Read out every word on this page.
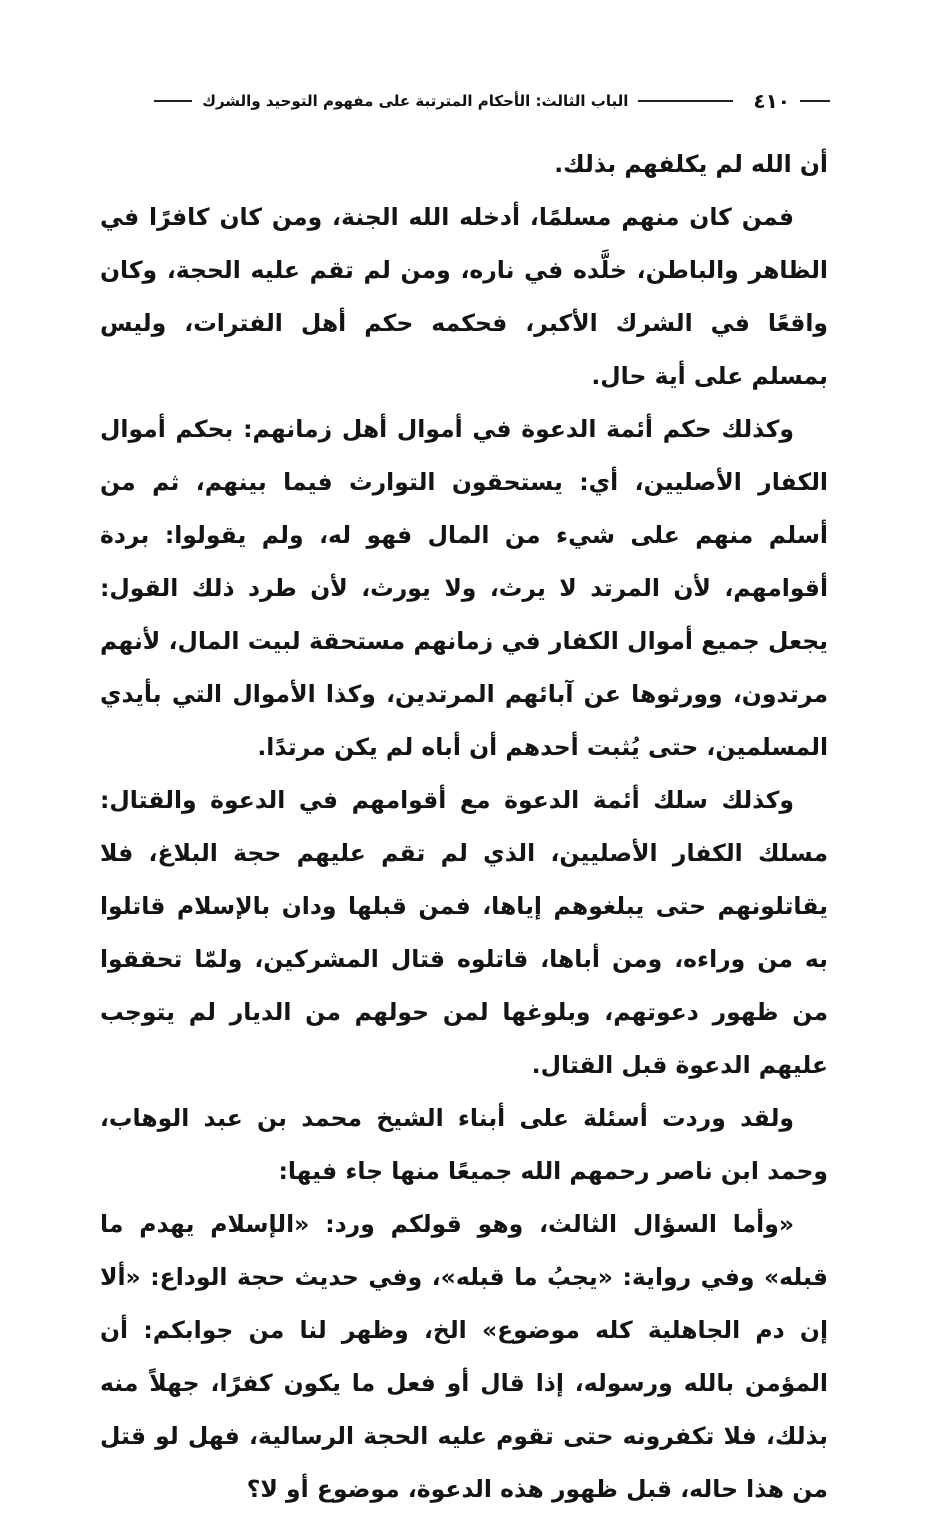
٤١٠
الباب الثالث: الأحكام المترتبة على مفهوم التوحيد والشرك

أن الله لم يكلفهم بذلك.

فمن كان منهم مسلمًا، أدخله الله الجنة، ومن كان كافرًا في الظاهر والباطن، خلَّده في ناره، ومن لم تقم عليه الحجة، وكان واقعًا في الشرك الأكبر، فحكمه حكم أهل الفترات، وليس بمسلم على أية حال.

وكذلك حكم أئمة الدعوة في أموال أهل زمانهم: بحكم أموال الكفار الأصليين، أي: يستحقون التوارث فيما بينهم، ثم من أسلم منهم على شيء من المال فهو له، ولم يقولوا: بردة أقوامهم، لأن المرتد لا يرث، ولا يورث، لأن طرد ذلك القول: يجعل جميع أموال الكفار في زمانهم مستحقة لبيت المال، لأنهم مرتدون، وورثوها عن آبائهم المرتدين، وكذا الأموال التي بأيدي المسلمين، حتى يُثبت أحدهم أن أباه لم يكن مرتدًا.

وكذلك سلك أئمة الدعوة مع أقوامهم في الدعوة والقتال: مسلك الكفار الأصليين، الذي لم تقم عليهم حجة البلاغ، فلا يقاتلونهم حتى يبلغوهم إياها، فمن قبلها ودان بالإسلام قاتلوا به من وراءه، ومن أباها، قاتلوه قتال المشركين، ولمّا تحققوا من ظهور دعوتهم، وبلوغها لمن حولهم من الديار لم يتوجب عليهم الدعوة قبل القتال.

ولقد وردت أسئلة على أبناء الشيخ محمد بن عبد الوهاب، وحمد ابن ناصر رحمهم الله جميعًا منها جاء فيها:

«وأما السؤال الثالث، وهو قولكم ورد: «الإسلام يهدم ما قبله» وفي رواية: «يجبُ ما قبله»، وفي حديث حجة الوداع: «ألا إن دم الجاهلية كله موضوع» الخ، وظهر لنا من جوابكم: أن المؤمن بالله ورسوله، إذا قال أو فعل ما يكون كفرًا، جهلاً منه بذلك، فلا تكفرونه حتى تقوم عليه الحجة الرسالية، فهل لو قتل من هذا حاله، قبل ظهور هذه الدعوة، موضوع أو لا؟
